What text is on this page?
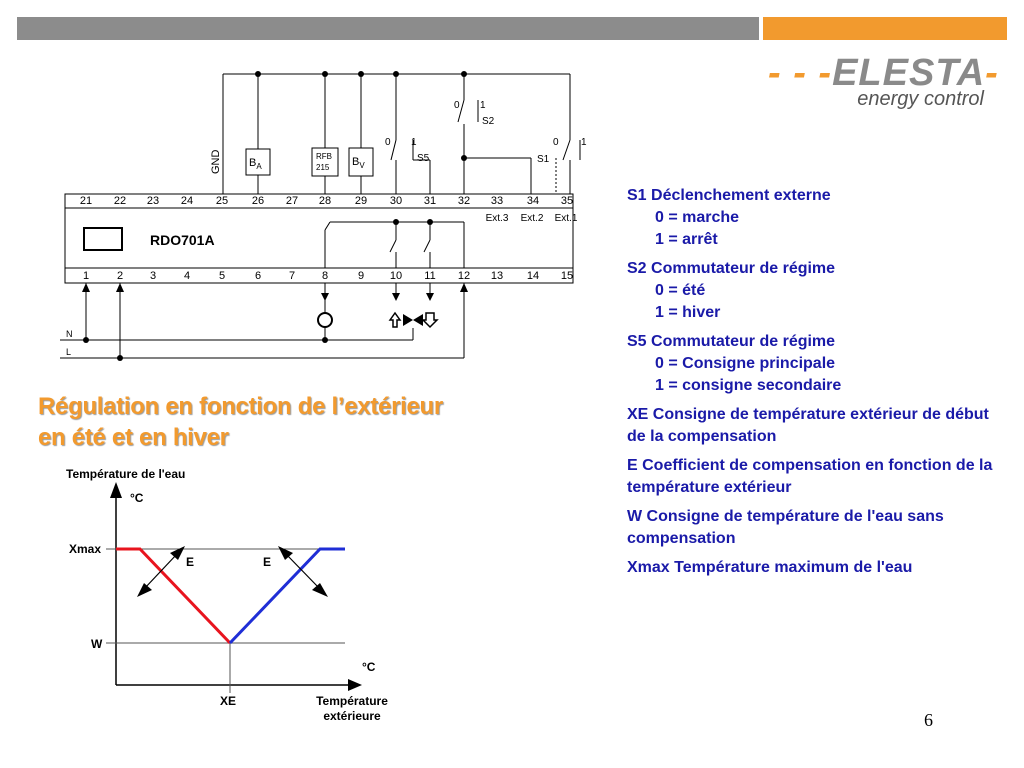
- - -ELESTA-
energy control
21 22 23 24 25 26 27 28 29 30 31 32 33 34 35
1	2 3	4	5	6	7 8	9 10 11 12 13 14 15
Ext.3 Ext.2 Ext.1
RDO701A
GND $B_A$	$B_V$
RFB
215
0 1
S5
0 1
S2
0 1
S1
N
L
Régulation en fonction de l’extérieur
en été et en hiver
Température de l'eau
°C
Xmax
W
XE
E	E
°C
Température
extérieure
S1 Déclenchement externe
0 = marche
1 = arrêt
S2 Commutateur de régime
0 = été
1 = hiver
S5 Commutateur de régime
0 = Consigne principale
1 = consigne secondaire
XE Consigne de température extérieur de début de la compensation
E Coefficient de compensation en fonction de la température extérieur
W Consigne de température de l'eau sans compensation
Xmax Température maximum de l'eau
6
